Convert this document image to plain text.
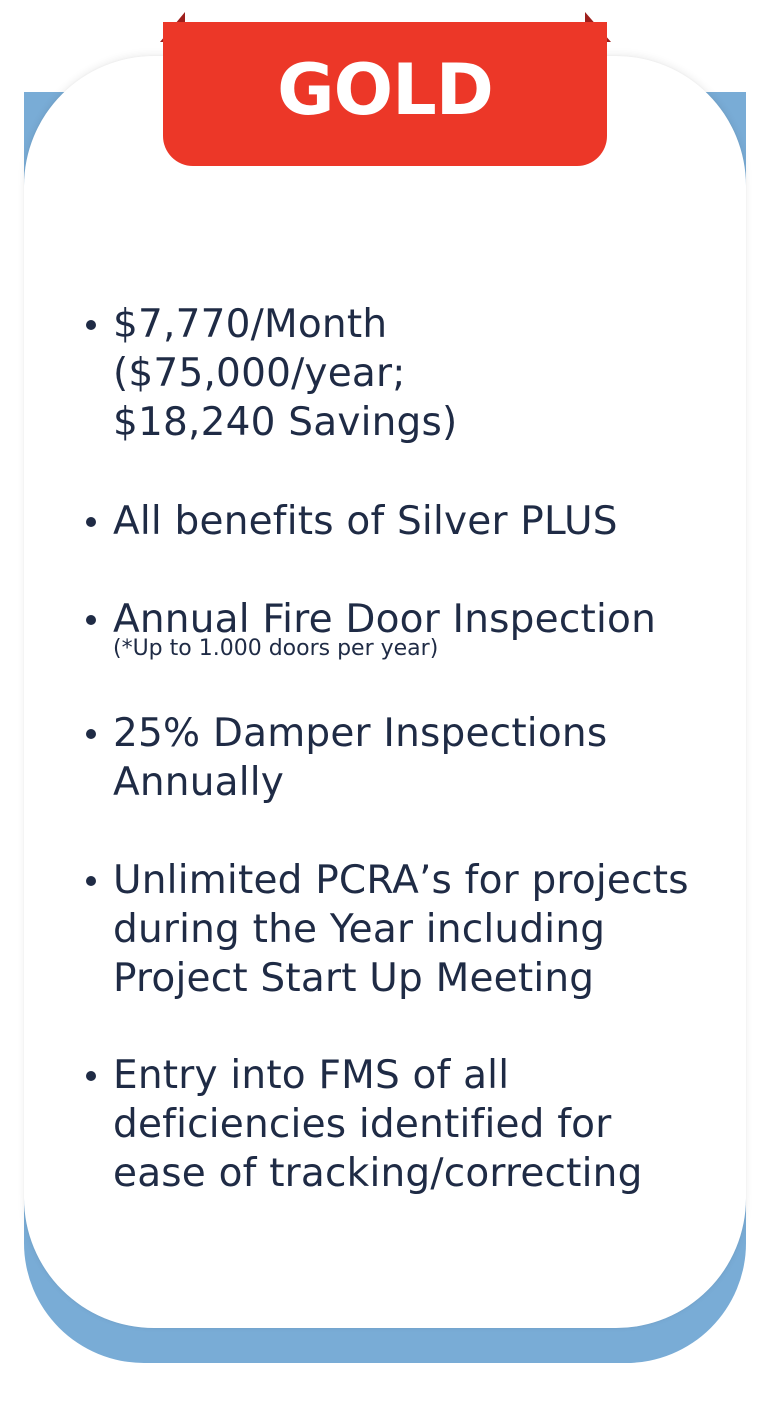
GOLD
$7,770/Month
($75,000/year;
$18,240 Savings)
All benefits of Silver PLUS
Annual Fire Door Inspection
(*Up to 1.000 doors per year)
25% Damper Inspections
Annually
Unlimited PCRA’s for projects
during the Year including
Project Start Up Meeting
Entry into FMS of all
deficiencies identified for
ease of tracking/correcting
